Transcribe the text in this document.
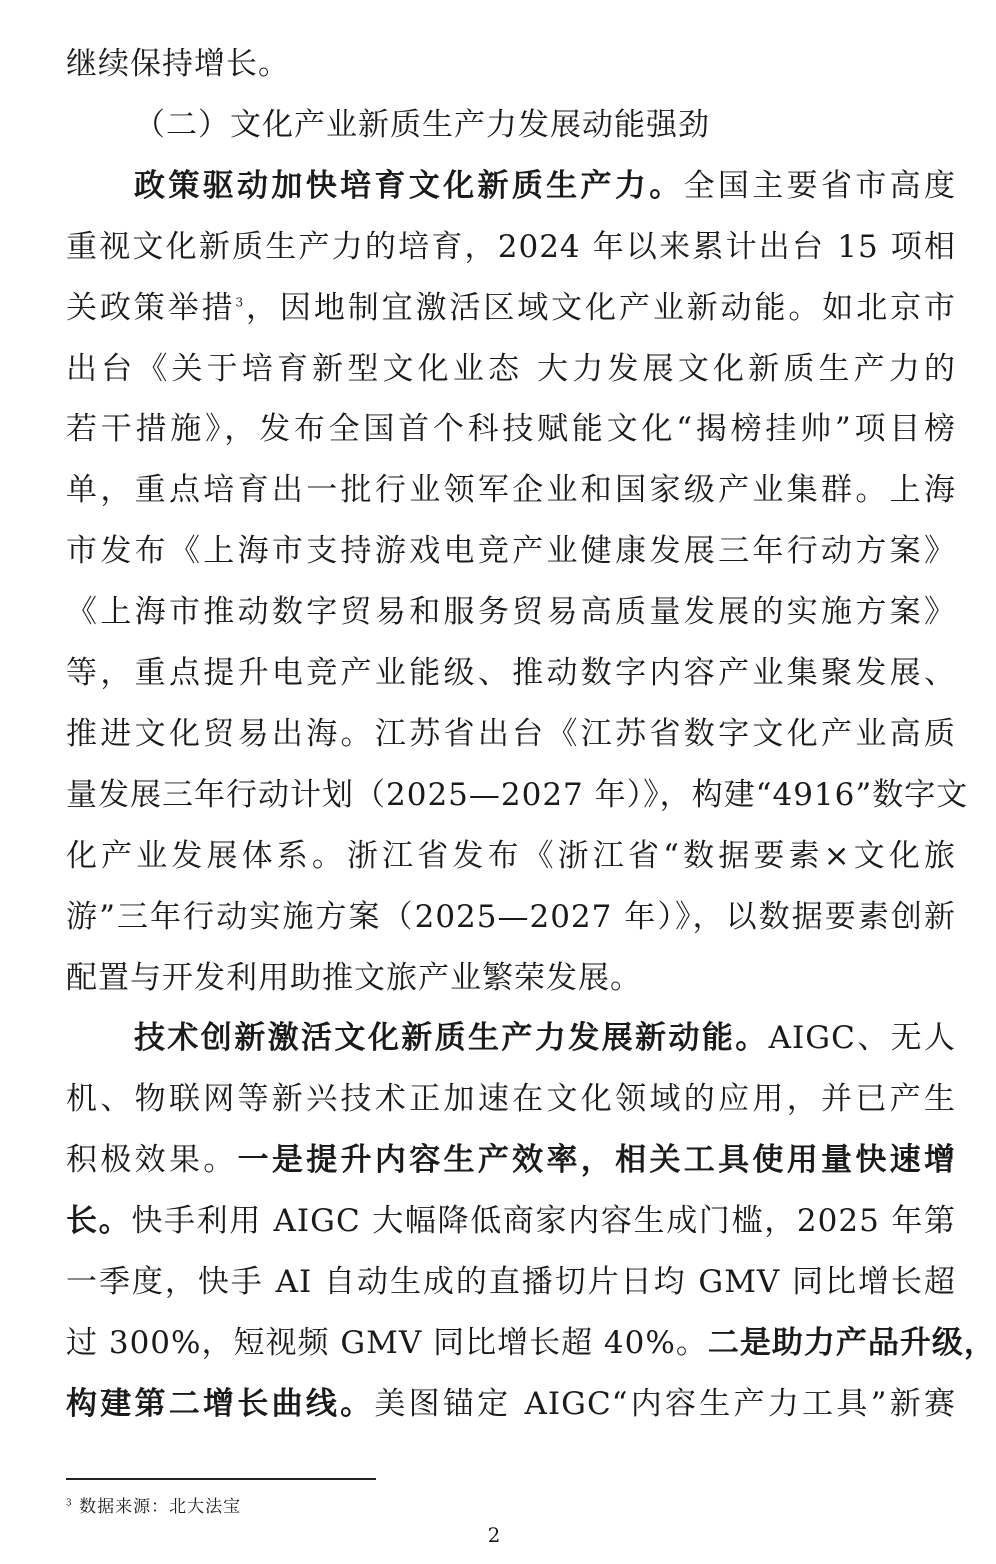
继续保持增长。
（二）文化产业新质生产力发展动能强劲
政策驱动加快培育文化新质生产力。全国主要省市高度
重视文化新质生产力的培育，2024 年以来累计出台 15 项相
关政策举措$^3$，因地制宜激活区域文化产业新动能。如北京市
出台《关于培育新型文化业态 大力发展文化新质生产力的
若干措施》，发布全国首个科技赋能文化“揭榜挂帅”项目榜
单，重点培育出一批行业领军企业和国家级产业集群。上海
市发布《上海市支持游戏电竞产业健康发展三年行动方案》
《上海市推动数字贸易和服务贸易高质量发展的实施方案》
等，重点提升电竞产业能级、推动数字内容产业集聚发展、
推进文化贸易出海。江苏省出台《江苏省数字文化产业高质
量发展三年行动计划（2025—2027 年）》，构建“4916”数字文
化产业发展体系。浙江省发布《浙江省“数据要素×文化旅
游”三年行动实施方案（2025—2027 年）》，以数据要素创新
配置与开发利用助推文旅产业繁荣发展。
技术创新激活文化新质生产力发展新动能。AIGC、无人
机、物联网等新兴技术正加速在文化领域的应用，并已产生
积极效果。一是提升内容生产效率，相关工具使用量快速增
长。快手利用 AIGC 大幅降低商家内容生成门槛，2025 年第
一季度，快手 AI 自动生成的直播切片日均 GMV 同比增长超
过 300%，短视频 GMV 同比增长超 40%。二是助力产品升级，
构建第二增长曲线。美图锚定 AIGC“内容生产力工具”新赛
$^3$ 数据来源：北大法宝
2
